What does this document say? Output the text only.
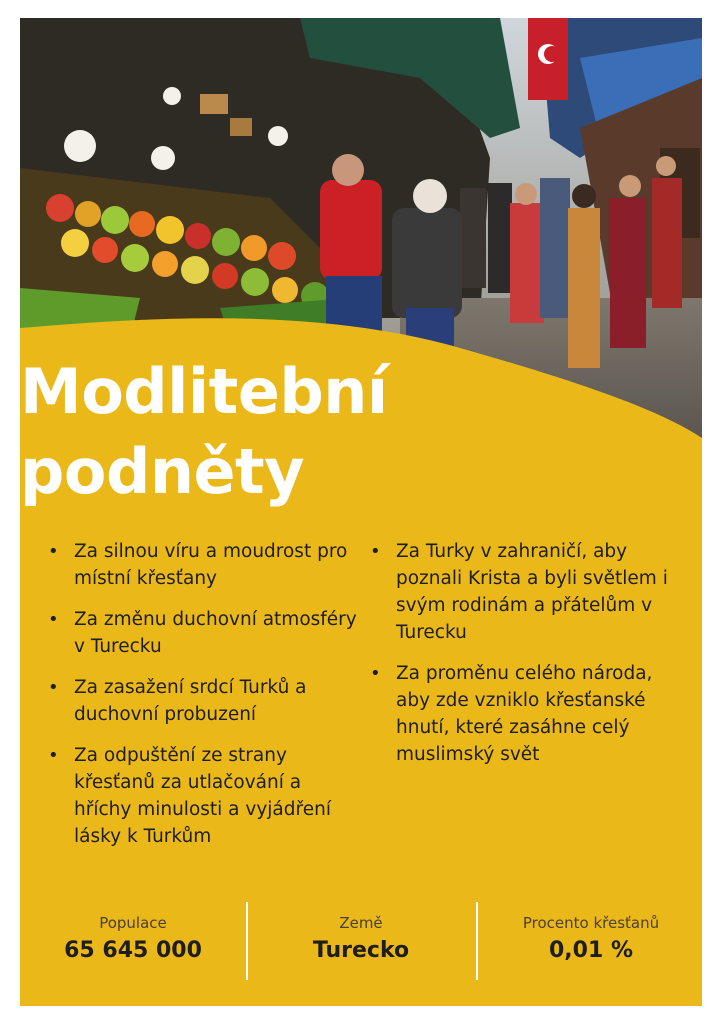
Modlitební
podněty
• Za silnou víru a moudrost pro místní křesťany
• Za změnu duchovní atmosféry v Turecku
• Za zasažení srdcí Turků a duchovní probuzení
• Za odpuštění ze strany křesťanů za utlačování a hříchy minulosti a vyjádření lásky k Turkům
• Za Turky v zahraničí, aby poznali Krista a byli světlem i svým rodinám a přátelům v Turecku
• Za proměnu celého národa, aby zde vzniklo křesťanské hnutí, které zasáhne celý muslimský svět
Populace
65 645 000
Země
Turecko
Procento křesťanů
0,01 %
